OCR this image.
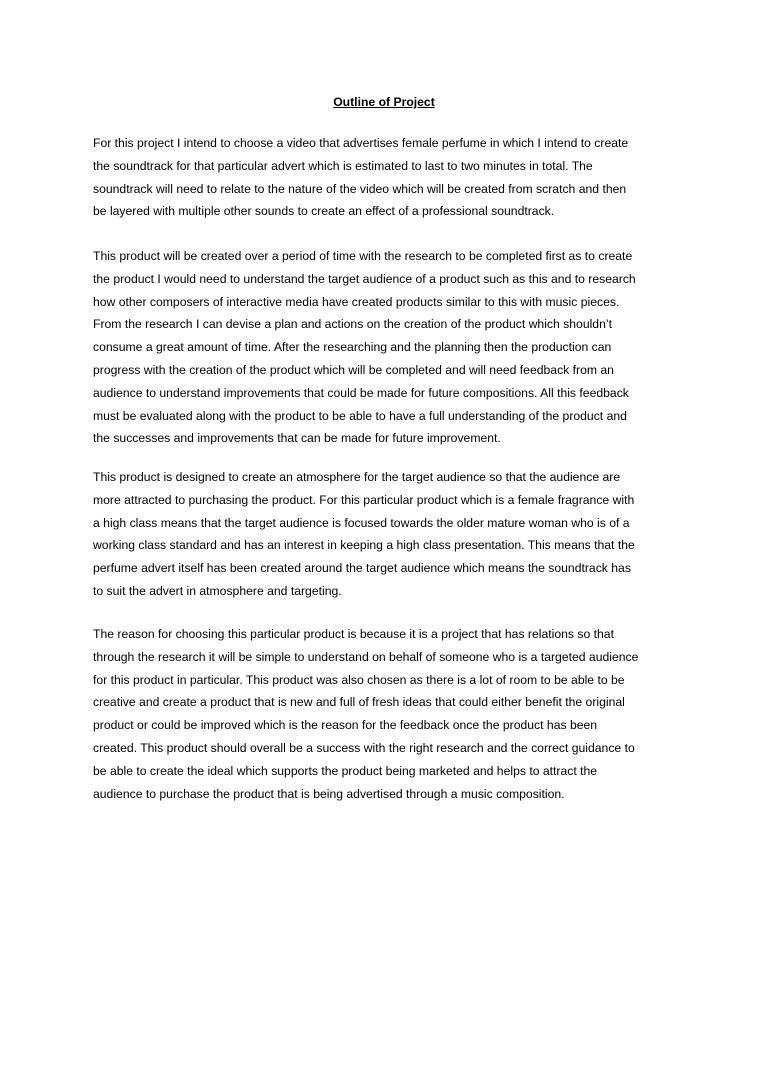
Outline of Project

For this project I intend to choose a video that advertises female perfume in which I intend to create
the soundtrack for that particular advert which is estimated to last to two minutes in total. The
soundtrack will need to relate to the nature of the video which will be created from scratch and then
be layered with multiple other sounds to create an effect of a professional soundtrack.

This product will be created over a period of time with the research to be completed first as to create
the product I would need to understand the target audience of a product such as this and to research
how other composers of interactive media have created products similar to this with music pieces.
From the research I can devise a plan and actions on the creation of the product which shouldn’t
consume a great amount of time. After the researching and the planning then the production can
progress with the creation of the product which will be completed and will need feedback from an
audience to understand improvements that could be made for future compositions. All this feedback
must be evaluated along with the product to be able to have a full understanding of the product and
the successes and improvements that can be made for future improvement.

This product is designed to create an atmosphere for the target audience so that the audience are
more attracted to purchasing the product. For this particular product which is a female fragrance with
a high class means that the target audience is focused towards the older mature woman who is of a
working class standard and has an interest in keeping a high class presentation. This means that the
perfume advert itself has been created around the target audience which means the soundtrack has
to suit the advert in atmosphere and targeting.

The reason for choosing this particular product is because it is a project that has relations so that
through the research it will be simple to understand on behalf of someone who is a targeted audience
for this product in particular. This product was also chosen as there is a lot of room to be able to be
creative and create a product that is new and full of fresh ideas that could either benefit the original
product or could be improved which is the reason for the feedback once the product has been
created. This product should overall be a success with the right research and the correct guidance to
be able to create the ideal which supports the product being marketed and helps to attract the
audience to purchase the product that is being advertised through a music composition.
